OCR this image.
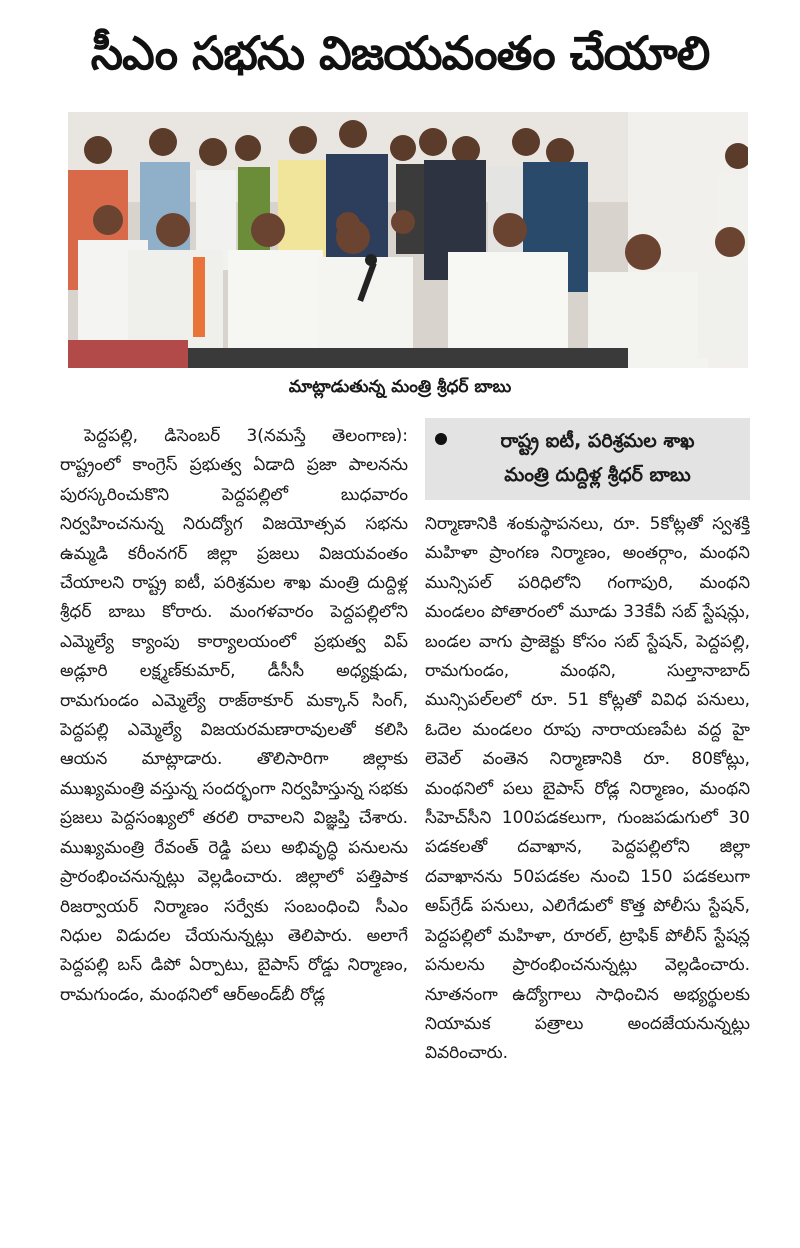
సీఎం సభను విజయవంతం చేయాలి
మాట్లాడుతున్న మంత్రి శ్రీధర్ బాబు

పెద్దపల్లి, డిసెంబర్ 3(నమస్తే తెలంగాణ): రాష్ట్రంలో కాంగ్రెస్ ప్రభుత్వ ఏడాది ప్రజా పాలనను పురస్కరించుకొని పెద్దపల్లిలో బుధవారం నిర్వహించనున్న నిరుద్యోగ విజయోత్సవ సభను ఉమ్మడి కరీంనగర్ జిల్లా ప్రజలు విజయవంతం చేయాలని రాష్ట్ర ఐటీ, పరిశ్రమల శాఖ మంత్రి దుద్దిళ్ల శ్రీధర్ బాబు కోరారు. మంగళవారం పెద్దపల్లిలోని ఎమ్మెల్యే క్యాంపు కార్యాలయంలో ప్రభుత్వ విప్ అడ్లూరి లక్ష్మణ్‌కుమార్, డీసీసీ అధ్యక్షుడు, రామగుండం ఎమ్మెల్యే రాజ్‌ఠాకూర్ మక్కాన్ సింగ్, పెద్దపల్లి ఎమ్మెల్యే విజయరమణారావులతో కలిసి ఆయన మాట్లాడారు. తొలిసారిగా జిల్లాకు ముఖ్యమంత్రి వస్తున్న సందర్భంగా నిర్వహిస్తున్న సభకు ప్రజలు పెద్దసంఖ్యలో తరలి రావాలని విజ్ఞప్తి చేశారు. ముఖ్యమంత్రి రేవంత్ రెడ్డి పలు అభివృద్ధి పనులను ప్రారంభించనున్నట్లు వెల్లడించారు. జిల్లాలో పత్తిపాక రిజర్వాయర్ నిర్మాణం సర్వేకు సంబంధించి సీఎం నిధుల విడుదల చేయనున్నట్లు తెలిపారు. అలాగే పెద్దపల్లి బస్ డిపో ఏర్పాటు, బైపాస్ రోడ్డు నిర్మాణం, రామగుండం, మంథనిలో ఆర్అండ్‌బీ రోడ్ల

రాష్ట్ర ఐటీ, పరిశ్రమల శాఖ
మంత్రి దుద్దిళ్ల శ్రీధర్ బాబు

నిర్మాణానికి శంకుస్థాపనలు, రూ. 5కోట్లతో స్వశక్తి మహిళా ప్రాంగణ నిర్మాణం, అంతర్గాం, మంథని మున్సిపల్ పరిధిలోని గంగాపురి, మంథని మండలం పోతారంలో మూడు 33కేవీ సబ్ స్టేషన్లు, బండల వాగు ప్రాజెక్టు కోసం సబ్ స్టేషన్, పెద్దపల్లి, రామగుండం, మంథని, సుల్తానాబాద్ మున్సిపల్‌లలో రూ. 51 కోట్లతో వివిధ పనులు, ఓదెల మండలం రూపు నారాయణపేట వద్ద హై లెవెల్ వంతెన నిర్మాణానికి రూ. 80కోట్లు, మంథనిలో పలు బైపాస్ రోడ్ల నిర్మాణం, మంథని సీహెచ్‌సీని 100పడకలుగా, గుంజపడుగులో 30 పడకలతో దవాఖాన, పెద్దపల్లిలోని జిల్లా దవాఖానను 50పడకల నుంచి 150 పడకలుగా అప్‌గ్రేడ్ పనులు, ఎలిగేడులో కొత్త పోలీసు స్టేషన్, పెద్దపల్లిలో మహిళా, రూరల్, ట్రాఫిక్ పోలీస్ స్టేషన్ల పనులను ప్రారంభించనున్నట్లు వెల్లడించారు. నూతనంగా ఉద్యోగాలు సాధించిన అభ్యర్థులకు నియామక పత్రాలు అందజేయనున్నట్లు వివరించారు.
